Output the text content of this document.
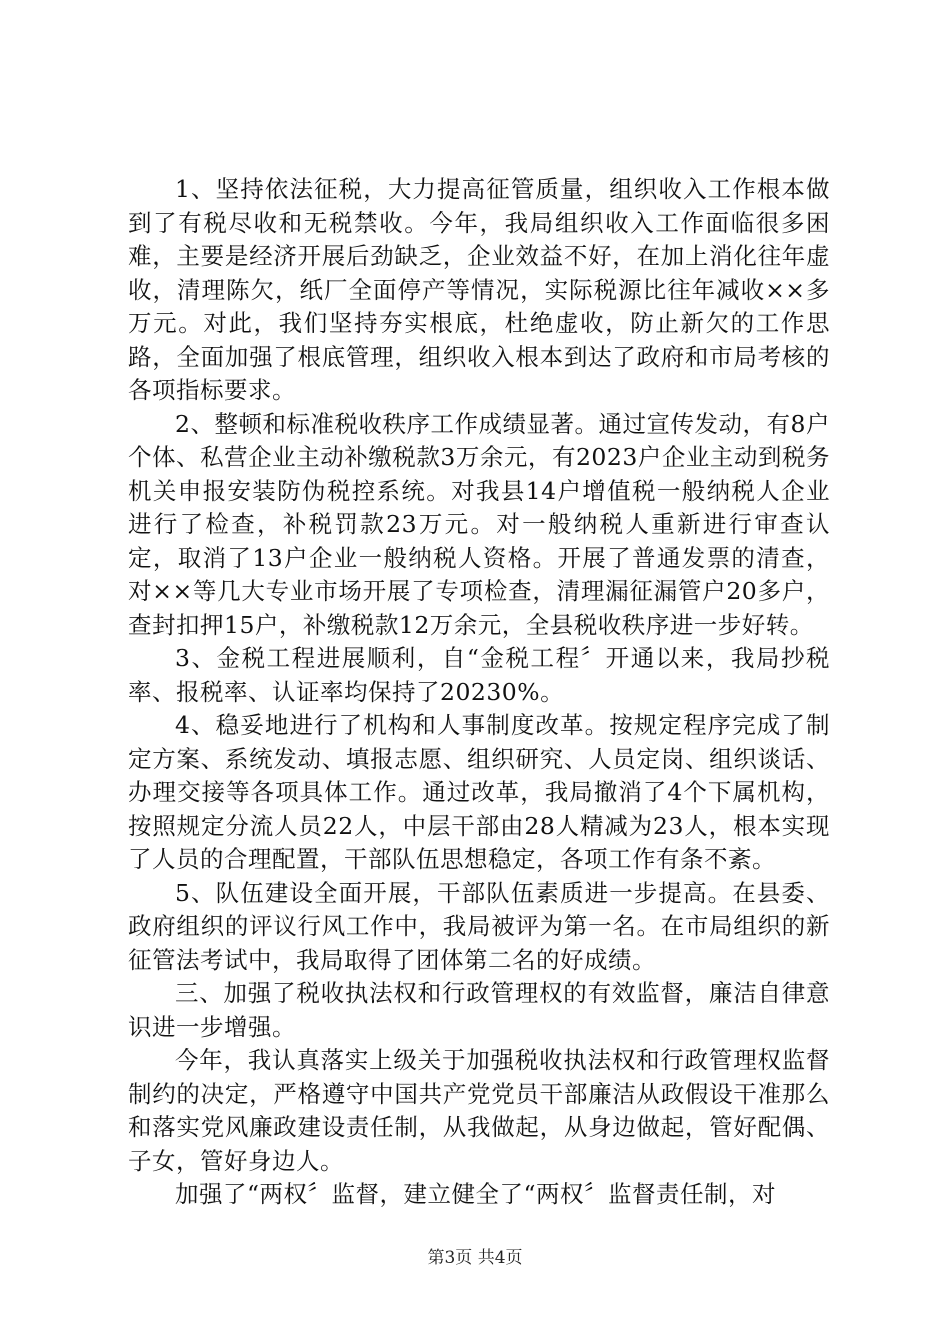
1、坚持依法征税，大力提高征管质量，组织收入工作根本做到了有税尽收和无税禁收。今年，我局组织收入工作面临很多困难，主要是经济开展后劲缺乏，企业效益不好，在加上消化往年虚收，清理陈欠，纸厂全面停产等情况，实际税源比往年减收××多万元。对此，我们坚持夯实根底，杜绝虚收，防止新欠的工作思路，全面加强了根底管理，组织收入根本到达了政府和市局考核的各项指标要求。

2、整顿和标准税收秩序工作成绩显著。通过宣传发动，有8户个体、私营企业主动补缴税款3万余元，有2023户企业主动到税务机关申报安装防伪税控系统。对我县14户增值税一般纳税人企业进行了检查，补税罚款23万元。对一般纳税人重新进行审查认定，取消了13户企业一般纳税人资格。开展了普通发票的清查，对××等几大专业市场开展了专项检查，清理漏征漏管户20多户，查封扣押15户，补缴税款12万余元，全县税收秩序进一步好转。

3、金税工程进展顺利，自“金税工程〞开通以来，我局抄税率、报税率、认证率均保持了20230%。

4、稳妥地进行了机构和人事制度改革。按规定程序完成了制定方案、系统发动、填报志愿、组织研究、人员定岗、组织谈话、办理交接等各项具体工作。通过改革，我局撤消了4个下属机构，按照规定分流人员22人，中层干部由28人精减为23人，根本实现了人员的合理配置，干部队伍思想稳定，各项工作有条不紊。

5、队伍建设全面开展，干部队伍素质进一步提高。在县委、政府组织的评议行风工作中，我局被评为第一名。在市局组织的新征管法考试中，我局取得了团体第二名的好成绩。

三、加强了税收执法权和行政管理权的有效监督，廉洁自律意识进一步增强。

今年，我认真落实上级关于加强税收执法权和行政管理权监督制约的决定，严格遵守中国共产党党员干部廉洁从政假设干准那么和落实党风廉政建设责任制，从我做起，从身边做起，管好配偶、子女，管好身边人。

加强了“两权〞监督，建立健全了“两权〞监督责任制，对

第3页 共4页
